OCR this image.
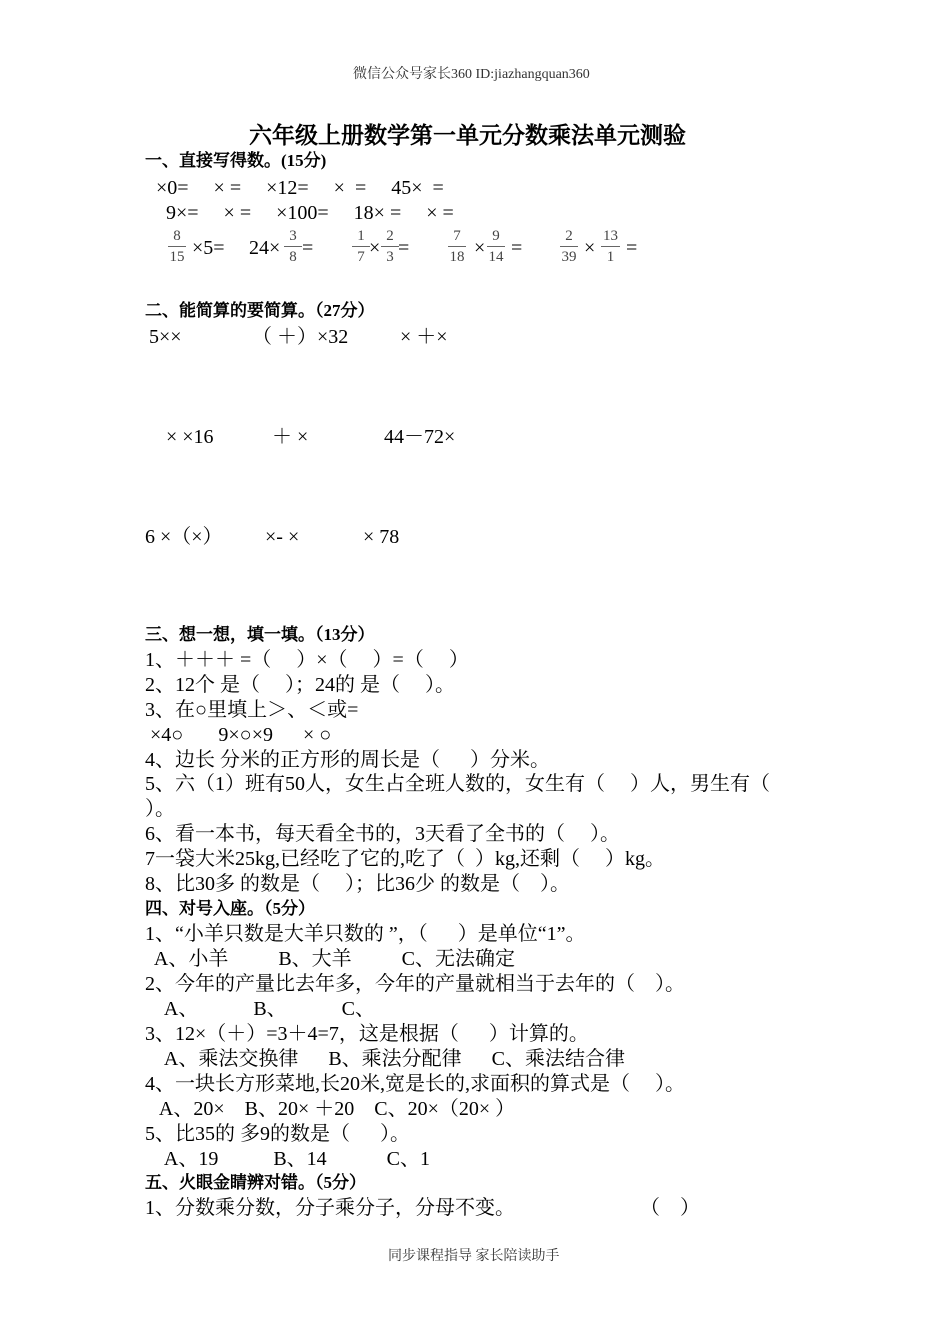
微信公众号家长360 ID:jiazhangquan360
六年级上册数学第一单元分数乘法单元测验
一、直接写得数。(15分)
×0=     × =     ×12=     ×  =     45×  =
9×=     × =     ×100=     18× =     × =
$\frac{8}{15} \times 5= 24\times \frac{3}{8}$ =	$\frac{1}{7} \times \frac{2}{3}$ =	$\frac{7}{18} \times \frac{9}{14}$ =	$\frac{2}{39} \times \frac{13}{1}$ =
二、能简算的要简算。（27分）
5××	（ ＋）×32	× ＋×
× ×16	＋ ×	44－72×
6 ×（×） ×- ×	× 78
三、想一想，填一填。（13分）
1、＋＋＋ =（     ）×（     ）=（     ）
2、12个 是（     ）；24的 是（     ）。
3、在○里填上＞、＜或=
×4○       9×○×9      × ○
4、边长 分米的正方形的周长是（      ）分米。
5、六（1）班有50人，女生占全班人数的，女生有（     ）人，男生有（
）。
6、看一本书，每天看全书的，3天看了全书的（     ）。
7一袋大米25kg,已经吃了它的,吃了（  ）kg,还剩（     ）kg。
8、比30多 的数是（     ）；比36少 的数是（    ）。
四、对号入座。（5分）
1、“小羊只数是大羊只数的 ”，（      ）是单位“1”。
A、小羊          B、大羊          C、无法确定
2、今年的产量比去年多，今年的产量就相当于去年的（    ）。
A、           B、           C、
3、12×（＋）=3＋4=7，这是根据（      ）计算的。
A、乘法交换律      B、乘法分配律      C、乘法结合律
4、一块长方形菜地,长20米,宽是长的,求面积的算式是（     ）。
A、20×    B、20× ＋20    C、20×（20× ）
5、比35的 多9的数是（      ）。
A、19           B、14            C、1
五、火眼金睛辨对错。（5分）
1、分数乘分数，分子乘分子，分母不变。	（    ）
同步课程指导 家长陪读助手
